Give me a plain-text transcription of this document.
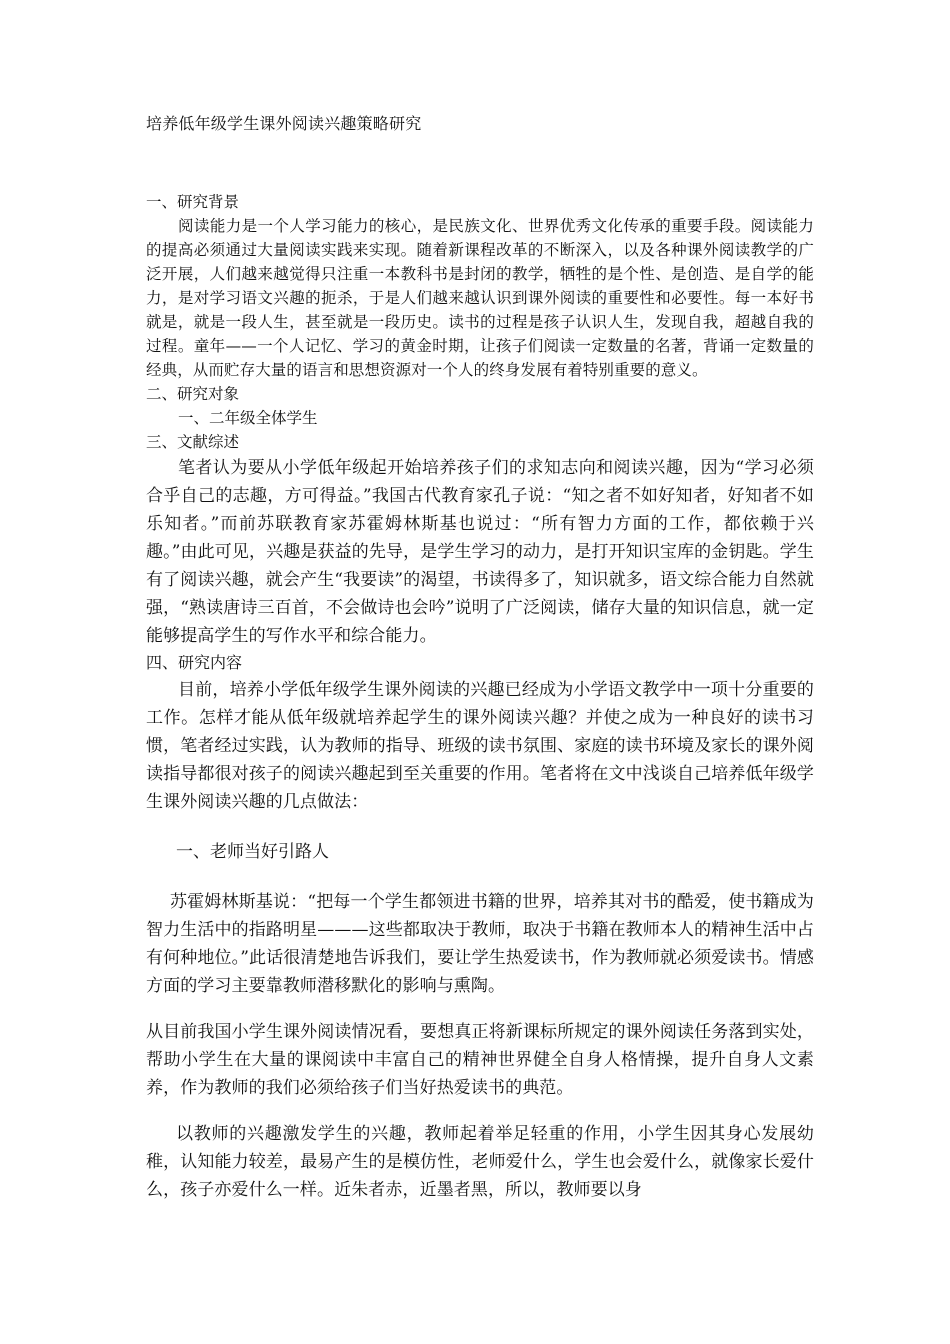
培养低年级学生课外阅读兴趣策略研究

一、研究背景

阅读能力是一个人学习能力的核心，是民族文化、世界优秀文化传承的重要手段。阅读能力的提高必须通过大量阅读实践来实现。随着新课程改革的不断深入，以及各种课外阅读教学的广泛开展，人们越来越觉得只注重一本教科书是封闭的教学，牺牲的是个性、是创造、是自学的能力，是对学习语文兴趣的扼杀，于是人们越来越认识到课外阅读的重要性和必要性。每一本好书就是，就是一段人生，甚至就是一段历史。读书的过程是孩子认识人生，发现自我，超越自我的过程。童年——一个人记忆、学习的黄金时期，让孩子们阅读一定数量的名著，背诵一定数量的经典，从而贮存大量的语言和思想资源对一个人的终身发展有着特别重要的意义。

二、研究对象

一、二年级全体学生

三、文献综述

笔者认为要从小学低年级起开始培养孩子们的求知志向和阅读兴趣，因为“学习必须合乎自己的志趣，方可得益。”我国古代教育家孔子说：“知之者不如好知者，好知者不如乐知者。”而前苏联教育家苏霍姆林斯基也说过：“所有智力方面的工作，都依赖于兴趣。”由此可见，兴趣是获益的先导，是学生学习的动力，是打开知识宝库的金钥匙。学生有了阅读兴趣，就会产生“我要读”的渴望，书读得多了，知识就多，语文综合能力自然就强，“熟读唐诗三百首，不会做诗也会吟”说明了广泛阅读，储存大量的知识信息，就一定能够提高学生的写作水平和综合能力。

四、研究内容

目前，培养小学低年级学生课外阅读的兴趣已经成为小学语文教学中一项十分重要的工作。怎样才能从低年级就培养起学生的课外阅读兴趣？并使之成为一种良好的读书习惯，笔者经过实践，认为教师的指导、班级的读书氛围、家庭的读书环境及家长的课外阅读指导都很对孩子的阅读兴趣起到至关重要的作用。笔者将在文中浅谈自己培养低年级学生课外阅读兴趣的几点做法：

一、老师当好引路人

苏霍姆林斯基说：“把每一个学生都领进书籍的世界，培养其对书的酷爱，使书籍成为智力生活中的指路明星———这些都取决于教师，取决于书籍在教师本人的精神生活中占有何种地位。”此话很清楚地告诉我们，要让学生热爱读书，作为教师就必须爱读书。情感方面的学习主要靠教师潜移默化的影响与熏陶。

从目前我国小学生课外阅读情况看，要想真正将新课标所规定的课外阅读任务落到实处，帮助小学生在大量的课阅读中丰富自己的精神世界健全自身人格情操，提升自身人文素养，作为教师的我们必须给孩子们当好热爱读书的典范。

以教师的兴趣激发学生的兴趣，教师起着举足轻重的作用，小学生因其身心发展幼稚，认知能力较差，最易产生的是模仿性，老师爱什么，学生也会爱什么，就像家长爱什么，孩子亦爱什么一样。近朱者赤，近墨者黑，所以，教师要以身
